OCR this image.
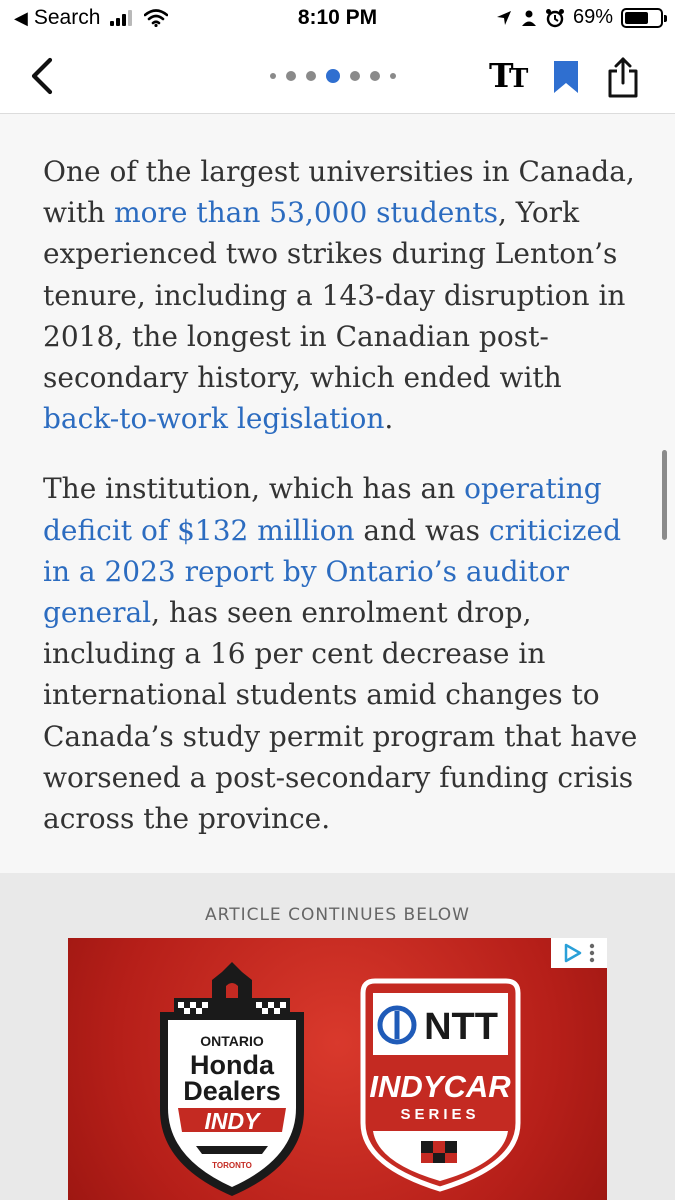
◀ Search	8:10 PM	69%
T
T

One of the largest universities in Canada,
with more than 53,000 students, York
experienced two strikes during Lenton’s
tenure, including a 143-day disruption in
2018, the longest in Canadian post-
secondary history, which ended with
back-to-work legislation.

The institution, which has an operating
deficit of $132 million and was criticized
in a 2023 report by Ontario’s auditor
general, has seen enrolment drop,
including a 16 per cent decrease in
international students amid changes to
Canada’s study permit program that have
worsened a post-secondary funding crisis
across the province.

ARTICLE CONTINUES BELOW
ONTARIO
Honda
Dealers
INDY
TORONTO
NTT
INDYCAR
SERIES
